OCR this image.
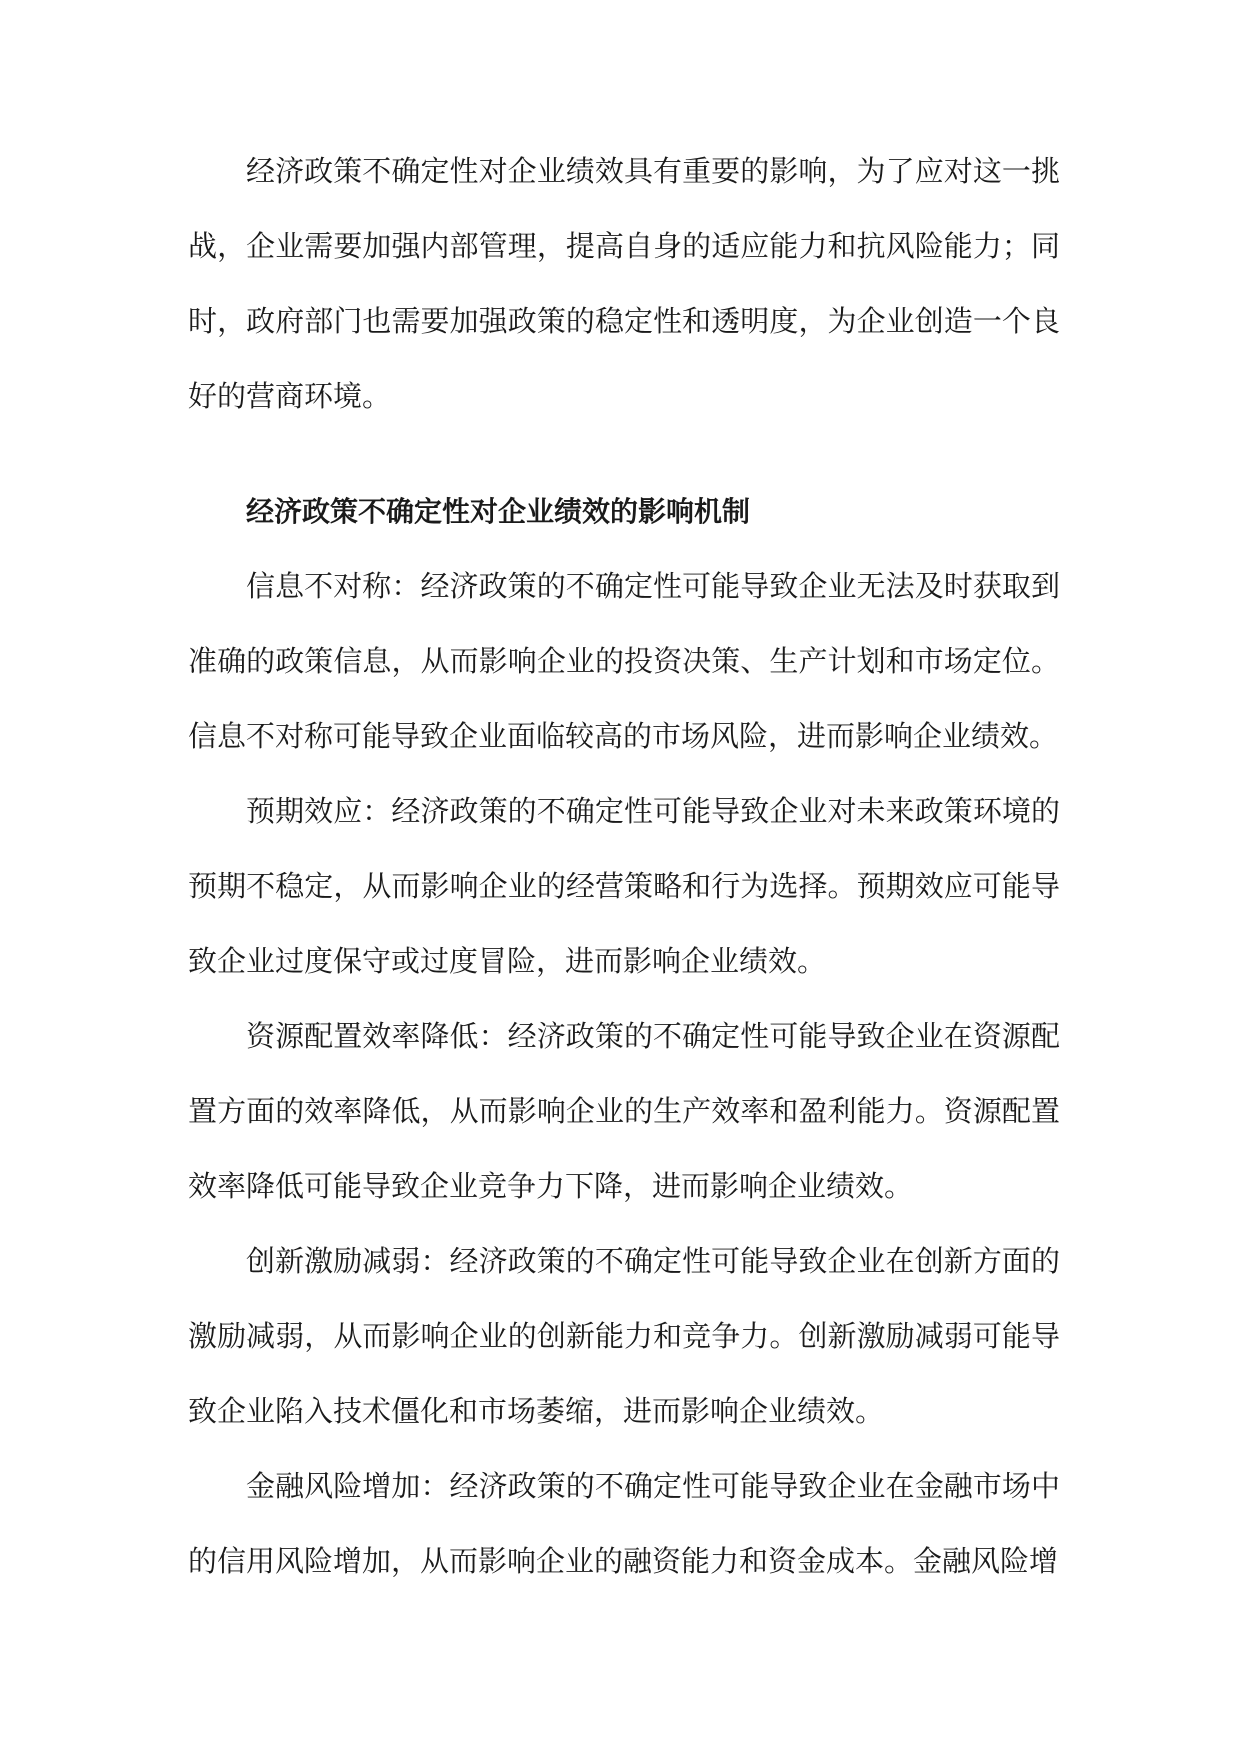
经济政策不确定性对企业绩效具有重要的影响，为了应对这一挑战，企业需要加强内部管理，提高自身的适应能力和抗风险能力；同时，政府部门也需要加强政策的稳定性和透明度，为企业创造一个良好的营商环境。

经济政策不确定性对企业绩效的影响机制

信息不对称：经济政策的不确定性可能导致企业无法及时获取到准确的政策信息，从而影响企业的投资决策、生产计划和市场定位。信息不对称可能导致企业面临较高的市场风险，进而影响企业绩效。

预期效应：经济政策的不确定性可能导致企业对未来政策环境的预期不稳定，从而影响企业的经营策略和行为选择。预期效应可能导致企业过度保守或过度冒险，进而影响企业绩效。

资源配置效率降低：经济政策的不确定性可能导致企业在资源配置方面的效率降低，从而影响企业的生产效率和盈利能力。资源配置效率降低可能导致企业竞争力下降，进而影响企业绩效。

创新激励减弱：经济政策的不确定性可能导致企业在创新方面的激励减弱，从而影响企业的创新能力和竞争力。创新激励减弱可能导致企业陷入技术僵化和市场萎缩，进而影响企业绩效。

金融风险增加：经济政策的不确定性可能导致企业在金融市场中的信用风险增加，从而影响企业的融资能力和资金成本。金融风险增
